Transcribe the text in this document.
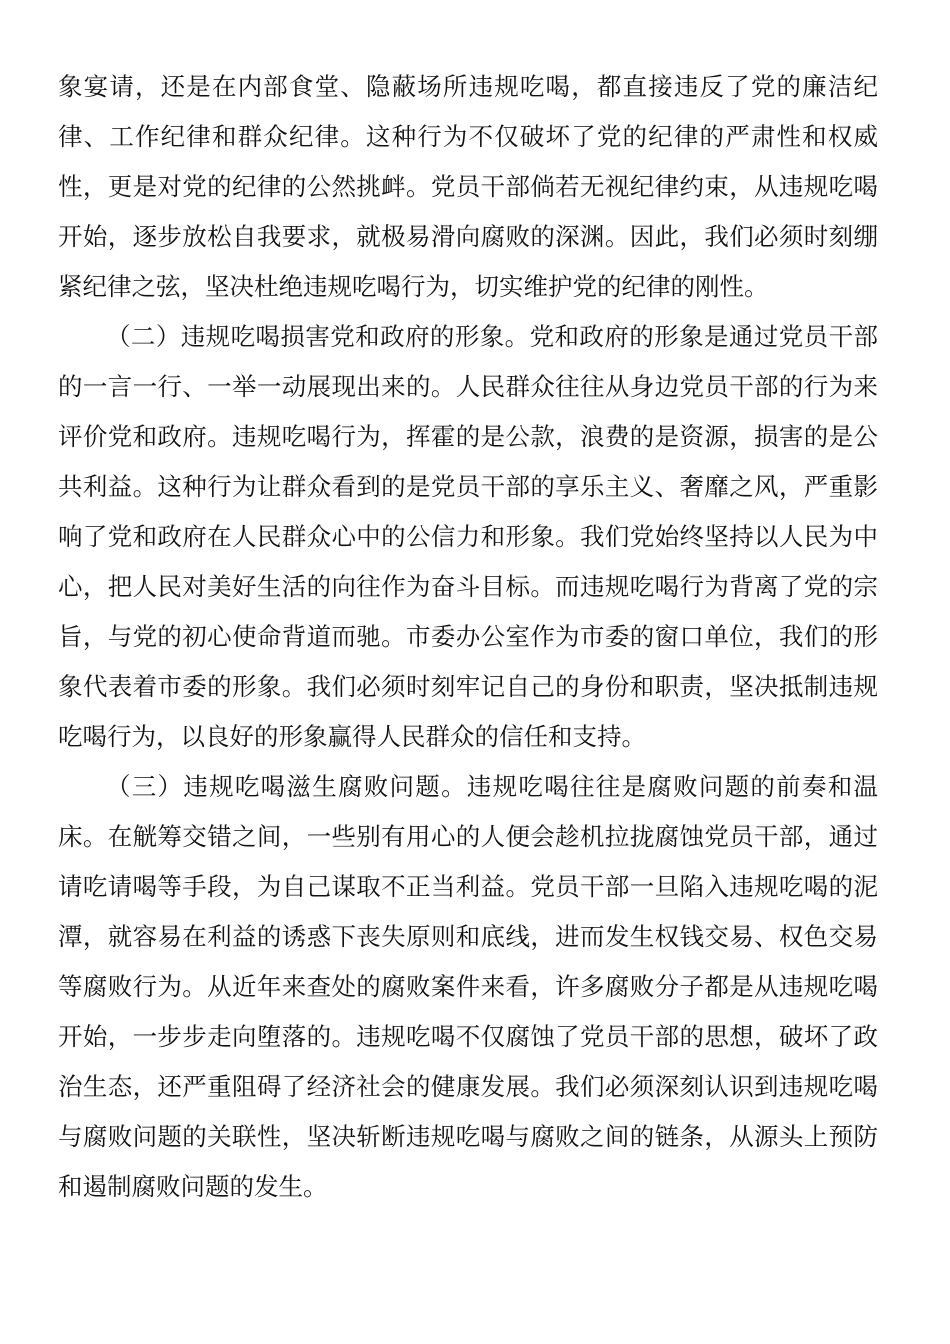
象宴请，还是在内部食堂、隐蔽场所违规吃喝，都直接违反了党的廉洁纪

律、工作纪律和群众纪律。这种行为不仅破坏了党的纪律的严肃性和权威

性，更是对党的纪律的公然挑衅。党员干部倘若无视纪律约束，从违规吃喝

开始，逐步放松自我要求，就极易滑向腐败的深渊。因此，我们必须时刻绷

紧纪律之弦，坚决杜绝违规吃喝行为，切实维护党的纪律的刚性。

（二）违规吃喝损害党和政府的形象。党和政府的形象是通过党员干部

的一言一行、一举一动展现出来的。人民群众往往从身边党员干部的行为来

评价党和政府。违规吃喝行为，挥霍的是公款，浪费的是资源，损害的是公

共利益。这种行为让群众看到的是党员干部的享乐主义、奢靡之风，严重影

响了党和政府在人民群众心中的公信力和形象。我们党始终坚持以人民为中

心，把人民对美好生活的向往作为奋斗目标。而违规吃喝行为背离了党的宗

旨，与党的初心使命背道而驰。市委办公室作为市委的窗口单位，我们的形

象代表着市委的形象。我们必须时刻牢记自己的身份和职责，坚决抵制违规

吃喝行为，以良好的形象赢得人民群众的信任和支持。

（三）违规吃喝滋生腐败问题。违规吃喝往往是腐败问题的前奏和温

床。在觥筹交错之间，一些别有用心的人便会趁机拉拢腐蚀党员干部，通过

请吃请喝等手段，为自己谋取不正当利益。党员干部一旦陷入违规吃喝的泥

潭，就容易在利益的诱惑下丧失原则和底线，进而发生权钱交易、权色交易

等腐败行为。从近年来查处的腐败案件来看，许多腐败分子都是从违规吃喝

开始，一步步走向堕落的。违规吃喝不仅腐蚀了党员干部的思想，破坏了政

治生态，还严重阻碍了经济社会的健康发展。我们必须深刻认识到违规吃喝

与腐败问题的关联性，坚决斩断违规吃喝与腐败之间的链条，从源头上预防

和遏制腐败问题的发生。
